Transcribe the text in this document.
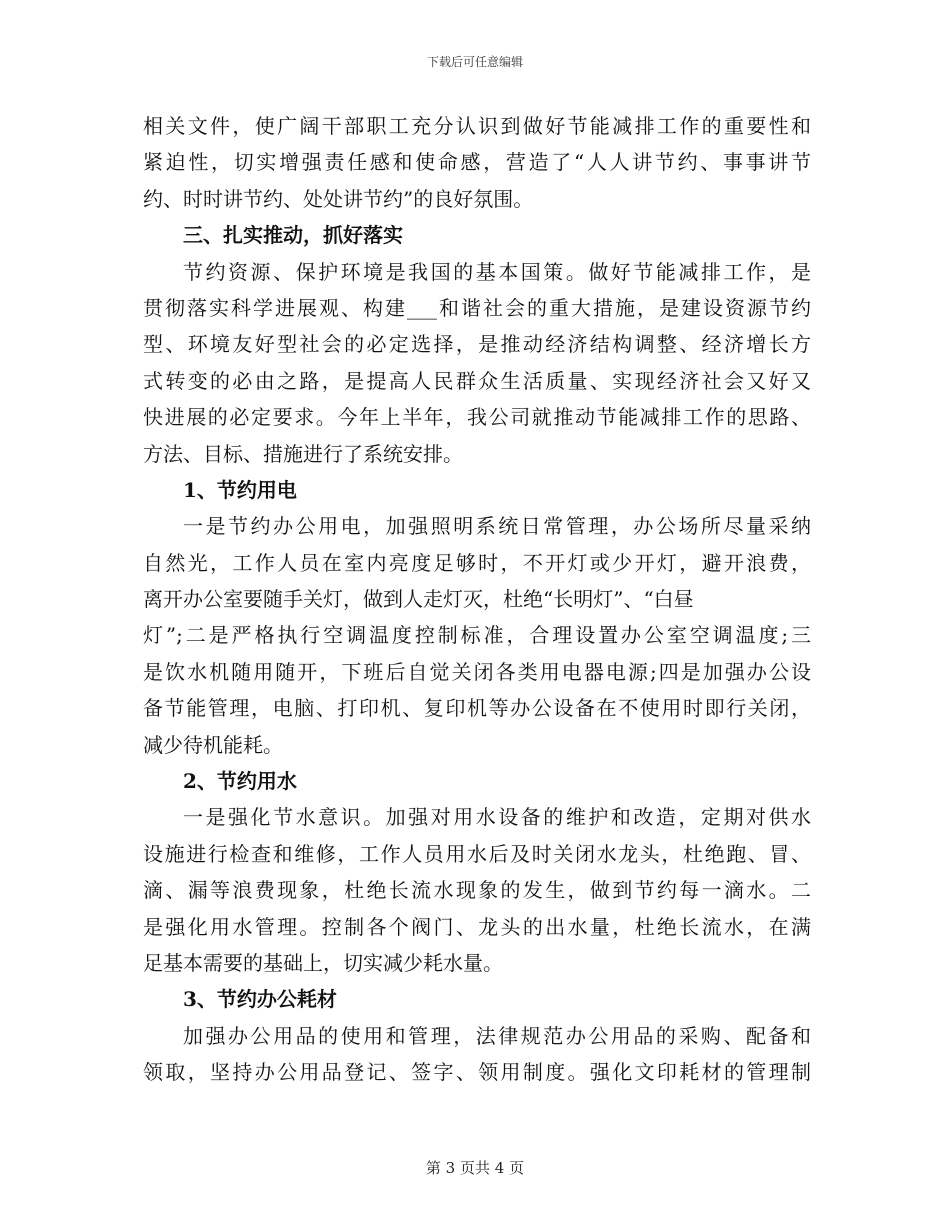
下载后可任意编辑
相关文件，使广阔干部职工充分认识到做好节能减排工作的重要性和
紧迫性，切实增强责任感和使命感，营造了“人人讲节约、事事讲节
约、时时讲节约、处处讲节约”的良好氛围。
三、扎实推动，抓好落实
节约资源、保护环境是我国的基本国策。做好节能减排工作，是
贯彻落实科学进展观、构建___和谐社会的重大措施，是建设资源节约
型、环境友好型社会的必定选择，是推动经济结构调整、经济增长方
式转变的必由之路，是提高人民群众生活质量、实现经济社会又好又
快进展的必定要求。今年上半年，我公司就推动节能减排工作的思路、
方法、目标、措施进行了系统安排。
1、节约用电
一是节约办公用电，加强照明系统日常管理，办公场所尽量采纳
自然光，工作人员在室内亮度足够时，不开灯或少开灯，避开浪费，
离开办公室要随手关灯，做到人走灯灭，杜绝“长明灯”、“白昼
灯”;二是严格执行空调温度控制标准，合理设置办公室空调温度;三
是饮水机随用随开，下班后自觉关闭各类用电器电源;四是加强办公设
备节能管理，电脑、打印机、复印机等办公设备在不使用时即行关闭，
减少待机能耗。
2、节约用水
一是强化节水意识。加强对用水设备的维护和改造，定期对供水
设施进行检查和维修，工作人员用水后及时关闭水龙头，杜绝跑、冒、
滴、漏等浪费现象，杜绝长流水现象的发生，做到节约每一滴水。二
是强化用水管理。控制各个阀门、龙头的出水量，杜绝长流水，在满
足基本需要的基础上，切实减少耗水量。
3、节约办公耗材
加强办公用品的使用和管理，法律规范办公用品的采购、配备和
领取，坚持办公用品登记、签字、领用制度。强化文印耗材的管理制
第 3 页共 4 页
